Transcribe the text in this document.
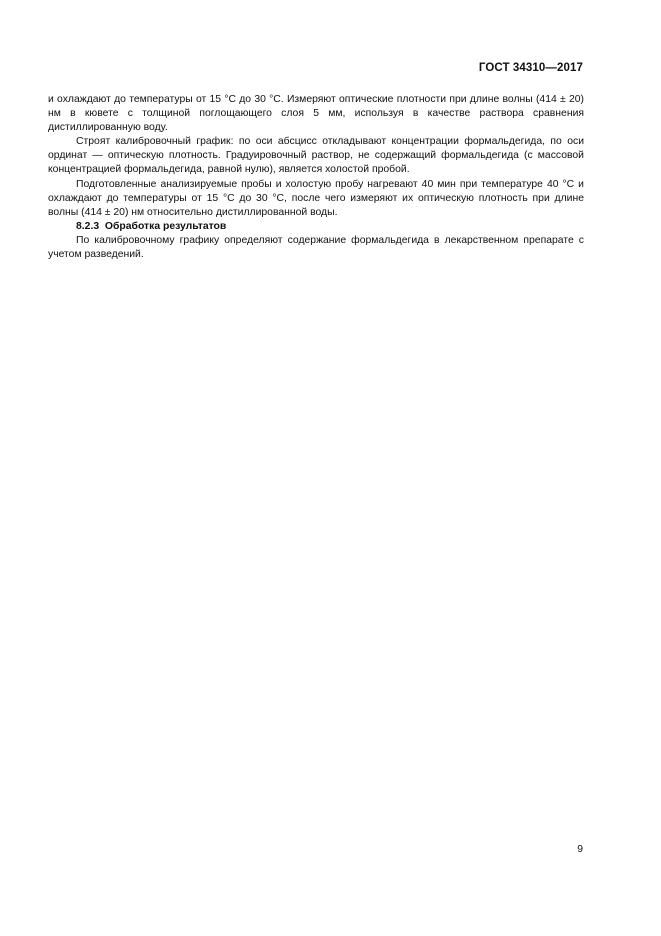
ГОСТ 34310—2017

и охлаждают до температуры от 15 °C до 30 °C. Измеряют оптические плотности при длине волны (414 ± 20) нм в кювете с толщиной поглощающего слоя 5 мм, используя в качестве раствора сравнения дистиллированную воду.

Строят калибровочный график: по оси абсцисс откладывают концентрации формальдегида, по оси ординат — оптическую плотность. Градуировочный раствор, не содержащий формальдегида (с массовой концентрацией формальдегида, равной нулю), является холостой пробой.

Подготовленные анализируемые пробы и холостую пробу нагревают 40 мин при температуре 40 °C и охлаждают до температуры от 15 °C до 30 °C, после чего измеряют их оптическую плотность при длине волны (414 ± 20) нм относительно дистиллированной воды.

8.2.3 Обработка результатов

По калибровочному графику определяют содержание формальдегида в лекарственном препарате с учетом разведений.

9
